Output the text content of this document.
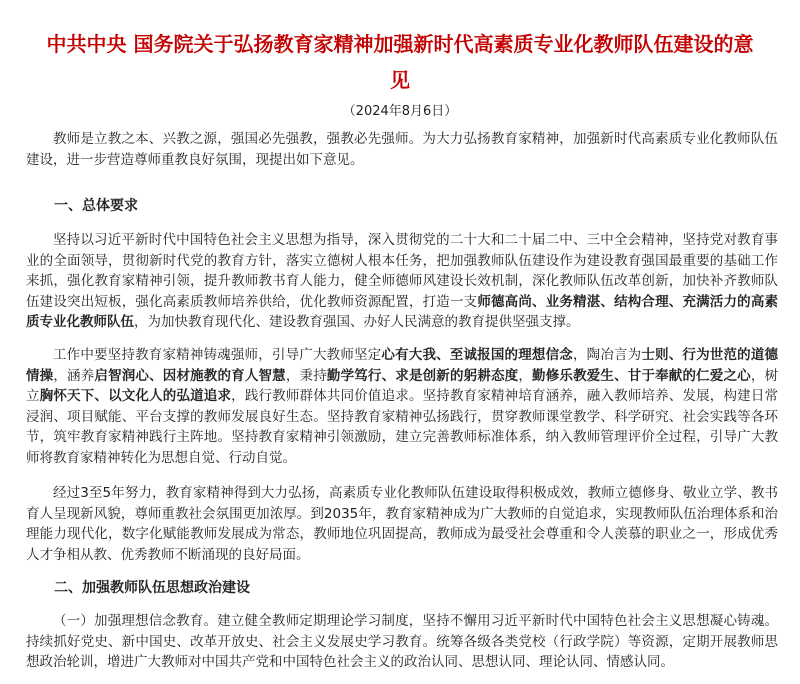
中共中央 国务院关于弘扬教育家精神加强新时代高素质专业化教师队伍建设的意见
（2024年8月6日）

教师是立教之本、兴教之源，强国必先强教，强教必先强师。为大力弘扬教育家精神，加强新时代高素质专业化教师队伍建设，进一步营造尊师重教良好氛围，现提出如下意见。

一、总体要求

坚持以习近平新时代中国特色社会主义思想为指导，深入贯彻党的二十大和二十届二中、三中全会精神，坚持党对教育事业的全面领导，贯彻新时代党的教育方针，落实立德树人根本任务，把加强教师队伍建设作为建设教育强国最重要的基础工作来抓，强化教育家精神引领，提升教师教书育人能力，健全师德师风建设长效机制，深化教师队伍改革创新，加快补齐教师队伍建设突出短板，强化高素质教师培养供给，优化教师资源配置，打造一支师德高尚、业务精湛、结构合理、充满活力的高素质专业化教师队伍，为加快教育现代化、建设教育强国、办好人民满意的教育提供坚强支撑。

工作中要坚持教育家精神铸魂强师，引导广大教师坚定心有大我、至诚报国的理想信念，陶冶言为士则、行为世范的道德情操，涵养启智润心、因材施教的育人智慧，秉持勤学笃行、求是创新的躬耕态度，勤修乐教爱生、甘于奉献的仁爱之心，树立胸怀天下、以文化人的弘道追求，践行教师群体共同价值追求。坚持教育家精神培育涵养，融入教师培养、发展，构建日常浸润、项目赋能、平台支撑的教师发展良好生态。坚持教育家精神弘扬践行，贯穿教师课堂教学、科学研究、社会实践等各环节，筑牢教育家精神践行主阵地。坚持教育家精神引领激励，建立完善教师标准体系，纳入教师管理评价全过程，引导广大教师将教育家精神转化为思想自觉、行动自觉。

经过3至5年努力，教育家精神得到大力弘扬，高素质专业化教师队伍建设取得积极成效，教师立德修身、敬业立学、教书育人呈现新风貌，尊师重教社会氛围更加浓厚。到2035年，教育家精神成为广大教师的自觉追求，实现教师队伍治理体系和治理能力现代化，数字化赋能教师发展成为常态，教师地位巩固提高，教师成为最受社会尊重和令人羡慕的职业之一，形成优秀人才争相从教、优秀教师不断涌现的良好局面。

二、加强教师队伍思想政治建设

（一）加强理想信念教育。建立健全教师定期理论学习制度，坚持不懈用习近平新时代中国特色社会主义思想凝心铸魂。持续抓好党史、新中国史、改革开放史、社会主义发展史学习教育。统筹各级各类党校（行政学院）等资源，定期开展教师思想政治轮训，增进广大教师对中国共产党和中国特色社会主义的政治认同、思想认同、理论认同、情感认同。
